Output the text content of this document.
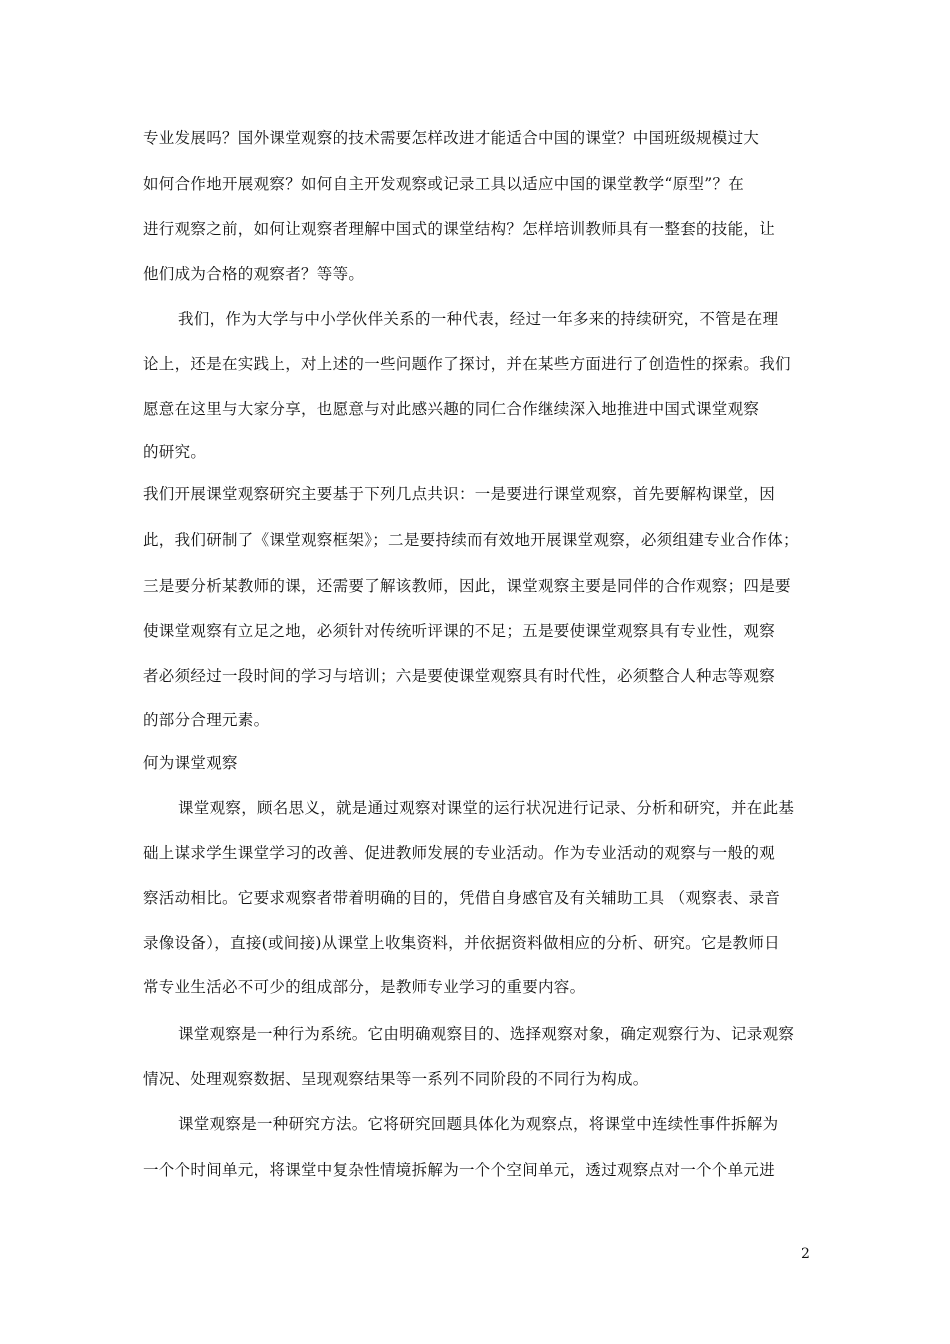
专业发展吗？国外课堂观察的技术需要怎样改进才能适合中国的课堂？中国班级规模过大
如何合作地开展观察？如何自主开发观察或记录工具以适应中国的课堂教学“原型”？在
进行观察之前，如何让观察者理解中国式的课堂结构？怎样培训教师具有一整套的技能，让
他们成为合格的观察者？等等。
我们，作为大学与中小学伙伴关系的一种代表，经过一年多来的持续研究，不管是在理
论上，还是在实践上，对上述的一些问题作了探讨，并在某些方面进行了创造性的探索。我们
愿意在这里与大家分享，也愿意与对此感兴趣的同仁合作继续深入地推进中国式课堂观察
的研究。
我们开展课堂观察研究主要基于下列几点共识：一是要进行课堂观察，首先要解构课堂，因
此，我们研制了《课堂观察框架》；二是要持续而有效地开展课堂观察，必须组建专业合作体；
三是要分析某教师的课，还需要了解该教师，因此，课堂观察主要是同伴的合作观察；四是要
使课堂观察有立足之地，必须针对传统听评课的不足；五是要使课堂观察具有专业性，观察
者必须经过一段时间的学习与培训；六是要使课堂观察具有时代性，必须整合人种志等观察
的部分合理元素。
何为课堂观察
课堂观察，顾名思义，就是通过观察对课堂的运行状况进行记录、分析和研究，并在此基
础上谋求学生课堂学习的改善、促进教师发展的专业活动。作为专业活动的观察与一般的观
察活动相比。它要求观察者带着明确的目的，凭借自身感官及有关辅助工具 （观察表、录音
录像设备），直接(或间接)从课堂上收集资料，并依据资料做相应的分析、研究。它是教师日
常专业生活必不可少的组成部分，是教师专业学习的重要内容。
课堂观察是一种行为系统。它由明确观察目的、选择观察对象，确定观察行为、记录观察
情况、处理观察数据、呈现观察结果等一系列不同阶段的不同行为构成。
课堂观察是一种研究方法。它将研究回题具体化为观察点，将课堂中连续性事件拆解为
一个个时间单元，将课堂中复杂性情境拆解为一个个空间单元，透过观察点对一个个单元进
2
